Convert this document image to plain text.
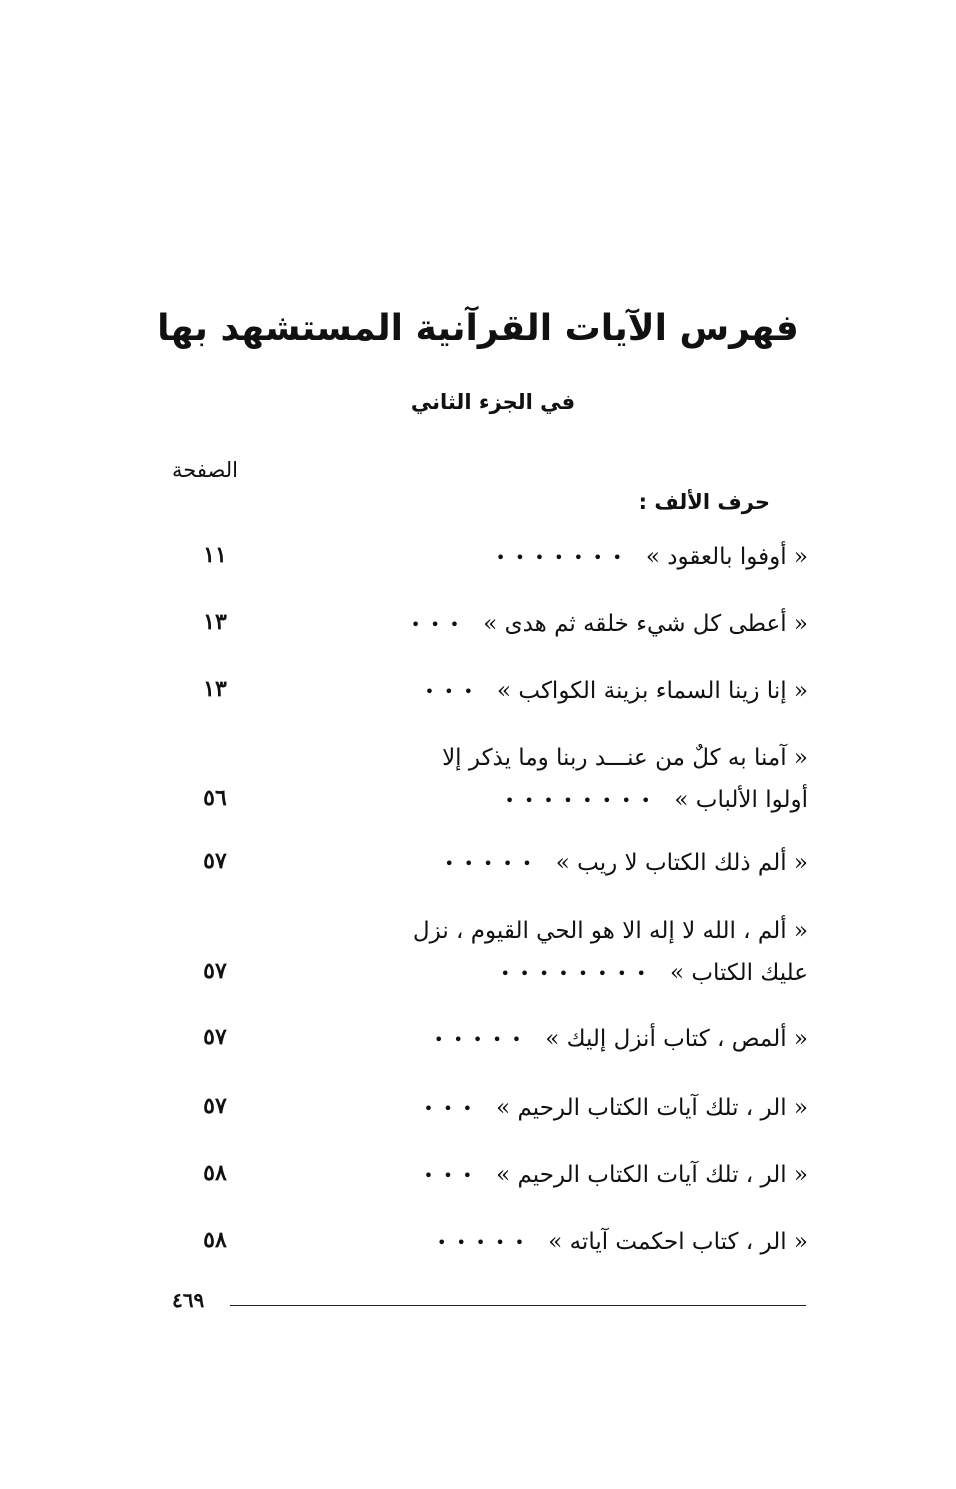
فهرس الآيات القرآنية المستشهد بها
في الجزء الثاني
الصفحة
حرف الألف :
« أوفوا بالعقود »•••••••
١١
« أعطى كل شيء خلقه ثم هدى »•••
١٣
« إنا زينا السماء بزينة الكواكب »•••
١٣
« آمنا به كلٌ من عنـــد ربنا وما يذكر إلا
أولوا الألباب »••••••••
٥٦
« ألم ذلك الكتاب لا ريب »•••••
٥٧
« ألم ، الله لا إله الا هو الحي القيوم ، نزل
عليك الكتاب »••••••••
٥٧
« ألمص ، كتاب أنزل إليك »•••••
٥٧
« الر ، تلك آيات الكتاب الرحيم »•••
٥٧
« الر ، تلك آيات الكتاب الرحيم »•••
٥٨
« الر ، كتاب احكمت آياته »•••••
٥٨
٤٦٩
